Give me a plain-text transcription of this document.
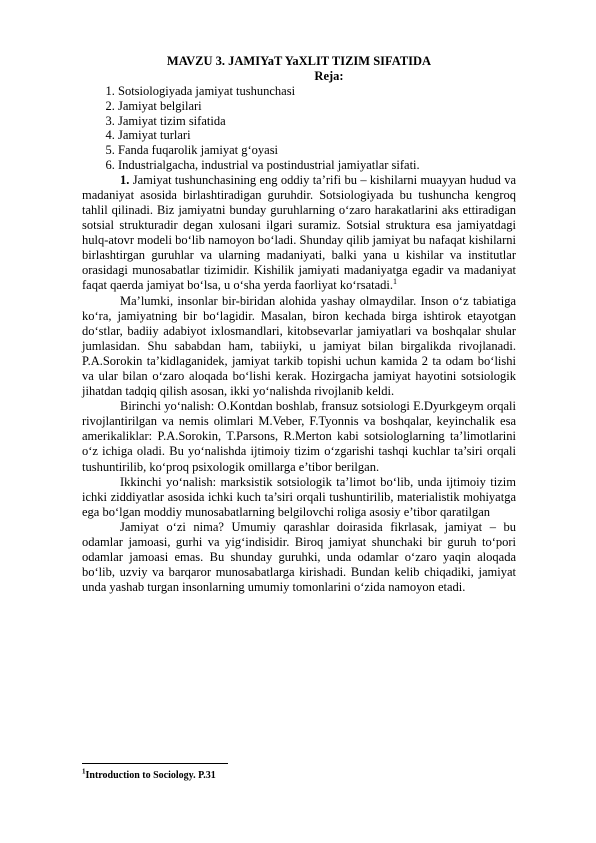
MAVZU 3. JAMIYaT YaXLIT TIZIM SIFATIDA
Reja:
1. Sotsiologiyada jamiyat tushunchasi
2. Jamiyat belgilari
3. Jamiyat tizim sifatida
4. Jamiyat turlari
5. Fanda fuqarolik jamiyat g‘oyasi
6. Industrialgacha, industrial va postindustrial jamiyatlar sifati.

1. Jamiyat tushunchasining eng oddiy ta’rifi bu – kishilarni muayyan hudud va madaniyat asosida birlashtiradigan guruhdir. Sotsiologiyada bu tushuncha kengroq tahlil qilinadi. Biz jamiyatni bunday guruhlarning o‘zaro harakatlarini aks ettiradigan sotsial strukturadir degan xulosani ilgari suramiz. Sotsial struktura esa jamiyatdagi hulq-atovr modeli bo‘lib namoyon bo‘ladi. Shunday qilib jamiyat bu nafaqat kishilarni birlashtirgan guruhlar va ularning madaniyati, balki yana u kishilar va institutlar orasidagi munosabatlar tizimidir. Kishilik jamiyati madaniyatga egadir va madaniyat faqat qaerda jamiyat bo‘lsa, u o‘sha yerda faorliyat ko‘rsatadi.$^1$

Ma’lumki, insonlar bir-biridan alohida yashay olmaydilar. Inson o‘z tabiatiga ko‘ra, jamiyatning bir bo‘lagidir. Masalan, biron kechada birga ishtirok etayotgan do‘stlar, badiiy adabiyot ixlosmandlari, kitobsevarlar jamiyatlari va boshqalar shular jumlasidan. Shu sababdan ham, tabiiyki, u jamiyat bilan birgalikda rivojlanadi. P.A.Sorokin ta’kidlaganidek, jamiyat tarkib topishi uchun kamida 2 ta odam bo‘lishi va ular bilan o‘zaro aloqada bo‘lishi kerak. Hozirgacha jamiyat hayotini sotsiologik jihatdan tadqiq qilish asosan, ikki yo‘nalishda rivojlanib keldi.

Birinchi yo‘nalish: O.Kontdan boshlab, fransuz sotsiologi E.Dyurkgeym orqali rivojlantirilgan va nemis olimlari M.Veber, F.Tyonnis va boshqalar, keyinchalik esa amerikaliklar: P.A.Sorokin, T.Parsons, R.Merton kabi sotsiologlarning ta’limotlarini o‘z ichiga oladi. Bu yo‘nalishda ijtimoiy tizim o‘zgarishi tashqi kuchlar ta’siri orqali tushuntirilib, ko‘proq psixologik omillarga e’tibor berilgan.

Ikkinchi yo‘nalish: marksistik sotsiologik ta’limot bo‘lib, unda ijtimoiy tizim ichki ziddiyatlar asosida ichki kuch ta’siri orqali tushuntirilib, materialistik mohiyatga ega bo‘lgan moddiy munosabatlarning belgilovchi roliga asosiy e’tibor qaratilgan

Jamiyat o‘zi nima? Umumiy qarashlar doirasida fikrlasak, jamiyat – bu odamlar jamoasi, gurhi va yig‘indisidir. Biroq jamiyat shunchaki bir guruh to‘pori odamlar jamoasi emas. Bu shunday guruhki, unda odamlar o‘zaro yaqin aloqada bo‘lib, uzviy va barqaror munosabatlarga kirishadi. Bundan kelib chiqadiki, jamiyat unda yashab turgan insonlarning umumiy tomonlarini o‘zida namoyon etadi.

$^1$Introduction to Sociology. P.31
